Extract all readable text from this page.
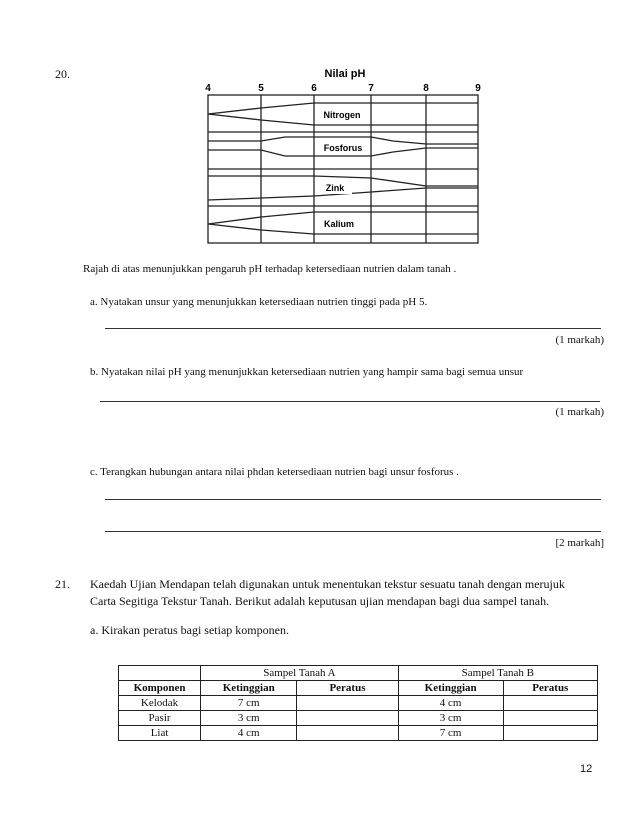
20.	Nilai pH
4	5	6	7	8	9
Nitrogen
Fosforus
Zink
Kalium
Rajah di atas menunjukkan pengaruh pH terhadap ketersediaan nutrien dalam tanah .
a. Nyatakan unsur yang menunjukkan ketersediaan nutrien tinggi pada pH 5.
(1 markah)
b. Nyatakan nilai pH yang menunjukkan ketersediaan nutrien yang hampir sama bagi semua unsur
(1 markah)
c. Terangkan hubungan antara nilai phdan ketersediaan nutrien bagi unsur fosforus .
[2 markah]
21. Kaedah Ujian Mendapan telah digunakan untuk menentukan tekstur sesuatu tanah dengan merujuk
Carta Segitiga Tekstur Tanah. Berikut adalah keputusan ujian mendapan bagi dua sampel tanah.
a. Kirakan peratus bagi setiap komponen.
	Sampel Tanah A		Sampel Tanah B	
Komponen	Ketinggian	Peratus	Ketinggian	Peratus
Kelodak	7 cm		4 cm	
Pasir	3 cm		3 cm	
Liat	4 cm		7 cm	
12
